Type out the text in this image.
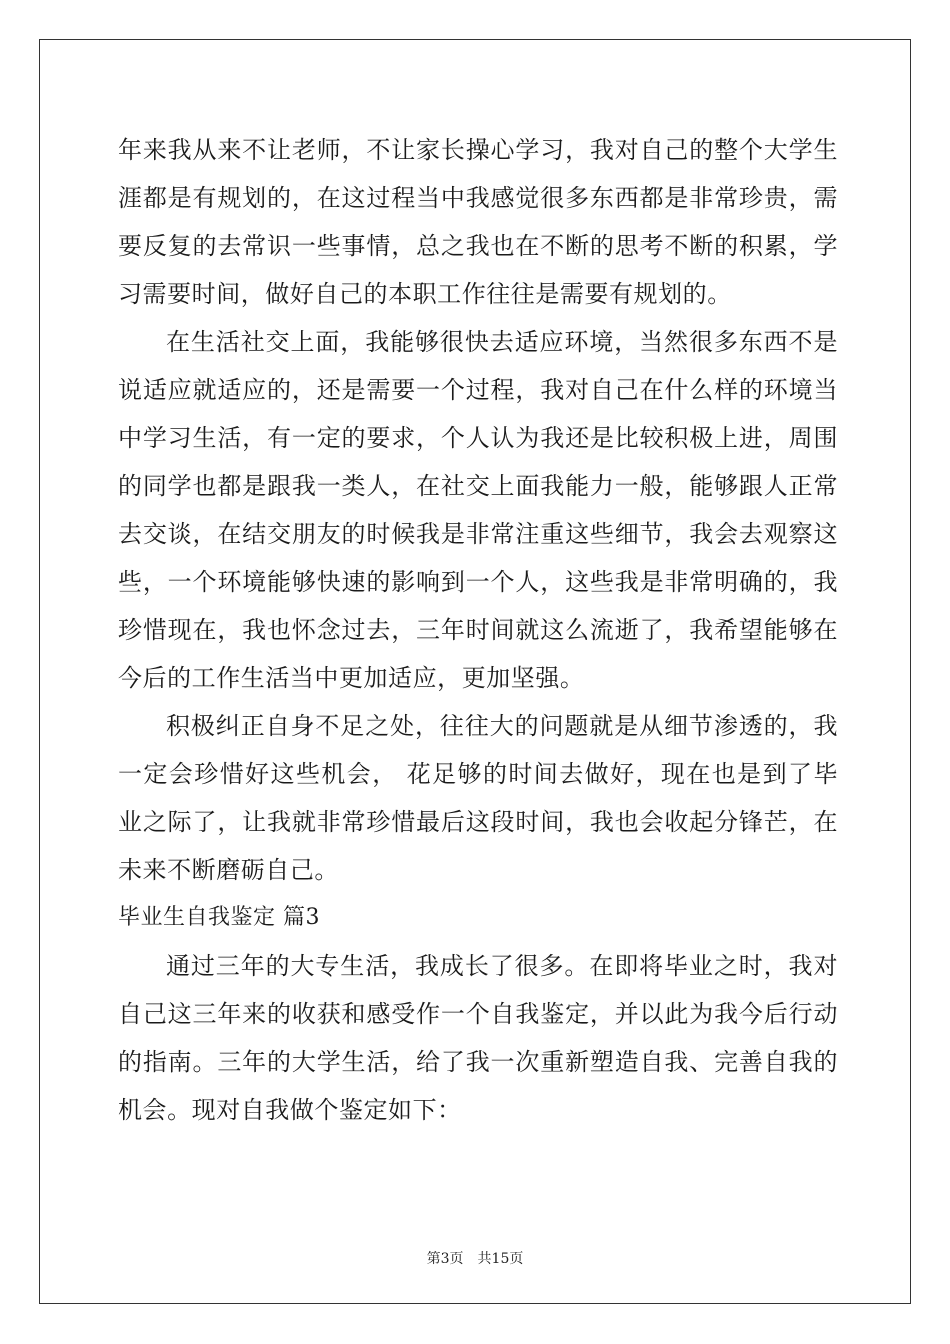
年来我从来不让老师，不让家长操心学习，我对自己的整个大学生涯都是有规划的，在这过程当中我感觉很多东西都是非常珍贵，需要反复的去常识一些事情，总之我也在不断的思考不断的积累，学习需要时间，做好自己的本职工作往往是需要有规划的。

在生活社交上面，我能够很快去适应环境，当然很多东西不是说适应就适应的，还是需要一个过程，我对自己在什么样的环境当中学习生活，有一定的要求，个人认为我还是比较积极上进，周围的同学也都是跟我一类人，在社交上面我能力一般，能够跟人正常去交谈，在结交朋友的时候我是非常注重这些细节，我会去观察这些，一个环境能够快速的影响到一个人，这些我是非常明确的，我珍惜现在，我也怀念过去，三年时间就这么流逝了，我希望能够在今后的工作生活当中更加适应，更加坚强。

积极纠正自身不足之处，往往大的问题就是从细节渗透的，我一定会珍惜好这些机会， 花足够的时间去做好，现在也是到了毕业之际了，让我就非常珍惜最后这段时间，我也会收起分锋芒，在未来不断磨砺自己。

毕业生自我鉴定 篇3

通过三年的大专生活，我成长了很多。在即将毕业之时，我对自己这三年来的收获和感受作一个自我鉴定，并以此为我今后行动的指南。三年的大学生活，给了我一次重新塑造自我、完善自我的机会。现对自我做个鉴定如下：

第3页 共15页
